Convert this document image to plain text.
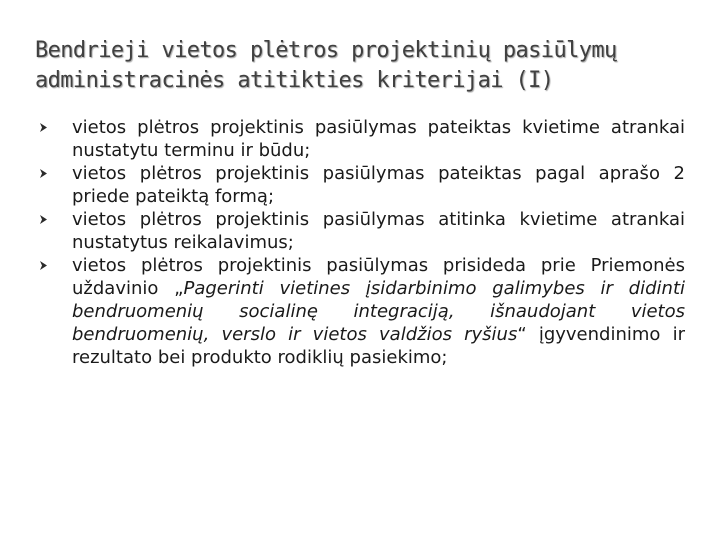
Bendrieji vietos plėtros projektinių pasiūlymų administracinės atitikties kriterijai (I)
vietos plėtros projektinis pasiūlymas pateiktas kvietime atrankai nustatytu terminu ir būdu;
vietos plėtros projektinis pasiūlymas pateiktas pagal aprašo 2 priede pateiktą formą;
vietos plėtros projektinis pasiūlymas atitinka kvietime atrankai nustatytus reikalavimus;
vietos plėtros projektinis pasiūlymas prisideda prie Priemonės uždavinio „Pagerinti vietines įsidarbinimo galimybes ir didinti bendruomenių socialinę integraciją, išnaudojant vietos bendruomenių, verslo ir vietos valdžios ryšius“ įgyvendinimo ir rezultato bei produkto rodiklių pasiekimo;
